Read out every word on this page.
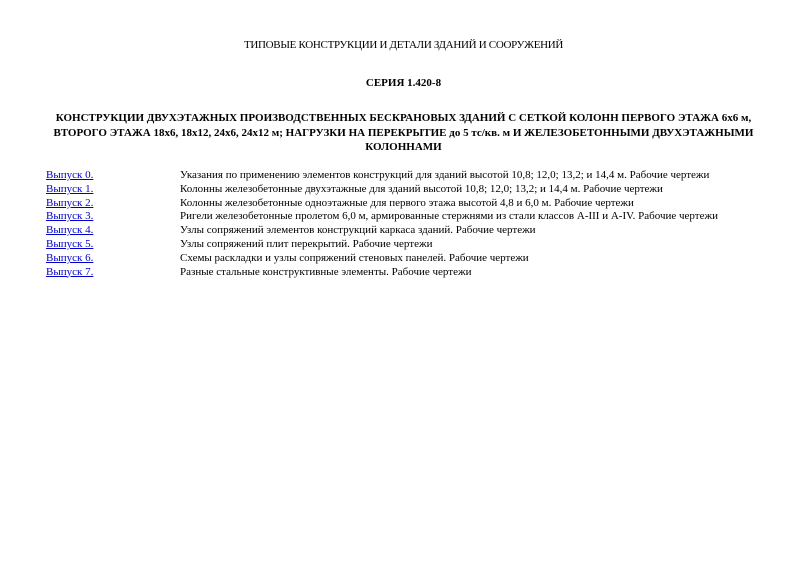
ТИПОВЫЕ КОНСТРУКЦИИ И ДЕТАЛИ ЗДАНИЙ И СООРУЖЕНИЙ
СЕРИЯ 1.420-8
КОНСТРУКЦИИ ДВУХЭТАЖНЫХ ПРОИЗВОДСТВЕННЫХ БЕСКРАНОВЫХ ЗДАНИЙ С СЕТКОЙ КОЛОНН ПЕРВОГО ЭТАЖА 6х6 м, ВТОРОГО ЭТАЖА 18х6, 18х12, 24х6, 24х12 м; НАГРУЗКИ НА ПЕРЕКРЫТИЕ до 5 тс/кв. м И ЖЕЛЕЗОБЕТОННЫМИ ДВУХЭТАЖНЫМИ КОЛОННАМИ
Выпуск 0.	Указания по применению элементов конструкций для зданий высотой 10,8; 12,0; 13,2; и 14,4 м. Рабочие чертежи
Выпуск 1.	Колонны железобетонные двухэтажные для зданий высотой 10,8; 12,0; 13,2; и 14,4 м. Рабочие чертежи
Выпуск 2.	Колонны железобетонные одноэтажные для первого этажа высотой 4,8 и 6,0 м. Рабочие чертежи
Выпуск 3.	Ригели железобетонные пролетом 6,0 м, армированные стержнями из стали классов А-III и А-IV. Рабочие чертежи
Выпуск 4.	Узлы сопряжений элементов конструкций каркаса зданий. Рабочие чертежи
Выпуск 5.	Узлы сопряжений плит перекрытий. Рабочие чертежи
Выпуск 6.	Схемы раскладки и узлы сопряжений стеновых панелей. Рабочие чертежи
Выпуск 7.	Разные стальные конструктивные элементы. Рабочие чертежи
